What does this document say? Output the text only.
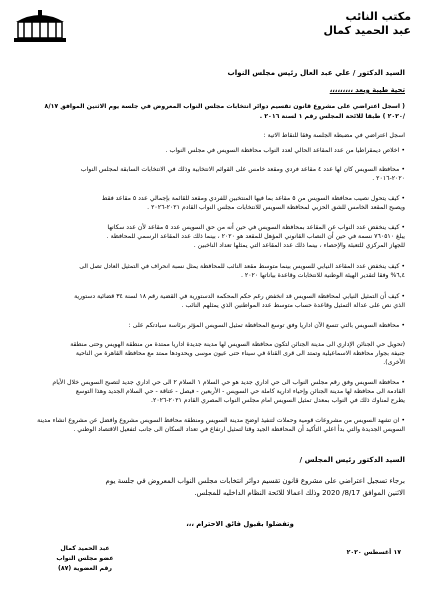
مكتب النائب
عبد الحميد كمال
السيد الدكتور / علي عبد العال رئيس مجلس النواب
تحية طيبة وبعد ،،،،،،،،،
( اسجل اعتراضي على مشروع قانون تقسيم دوائر انتخابات مجلس النواب المعروض في جلسة يوم الاثنين الموافق ٨/١٧
/٢٠٢٠ ) طبقا للائحة المجلس رقم ١ لسنة ٢٠١٦ .
اسجل اعتراضي في مضبطة الجلسة وفقا للنقاط الاتية :
• اخلاص ديمقراطيا من عدد المقاعد الحالي لعدد النواب محافظة السويس في مجلس النواب .
• محافظة السويس كان لها عدد ٤ مقاعد فردي ومقعد خامس على القوائم الانتخابية وذلك في الانتخابات السابقة لمجلس النواب
٢٠٢٠-٢٠١٦ .
• كيف يتحول نصيب محافظة السويس من ٥ مقاعد بما فيها المنتخبين للفردي ومقعد للقائمة بإجمالي عدد ٥ مقاعد فقط
ويصبح المقعد الخامس للشق الحزبي لمحافظة السويس للانتخابات مجلس النواب القادم ٢٠٢١-٢٠٢٦ .
• كيف ينخفض عدد النواب عن المقاعد بمحافظة السويس في حين أنه من حق السويس عدد ٥ مقاعد لأن عدد سكانها
يبلغ ٧٦٠٥١٠ نسمة في حين أن النصاب القانوني المؤهل للمقعد هو ٢٠٢٠ ، بينما ذلك عدد المقاعد الرسمي للمحافظة .
للجهاز المركزي للتعبئة والإحصاء ، بينما ذلك عدد المقاعد التي يمثلها تعداد الناخبين .
• كيف ينخفض عدد المقاعد النيابي للسويس بينما متوسط مقعد النائب للمحافظة يمثل نسبة انحراف في التمثيل العادل تصل الى
٦,٤% وفقا لتقدير الهيئة الوطنية للانتخابات وقاعدة بياناتها ٢٠٢٠ .
• كيف أن التمثيل النيابي لمحافظة السويس قد انخفض رغم حكم المحكمة الدستورية في القضية رقم ١٨ لسنة ٣٤ قضائية دستورية
الذي نص على عدالة التمثيل وقاعدة حساب متوسط عدد المواطنين الذي يمثلهم النائب .
• محافظة السويس بالتي تتسع الآن اداريا وفق توسع المحافظة تمثيل السويس المؤثر برئاسة سيادتكم على :
(تحويل حي الجنائن الإداري الى مدينة الجنائن لتكون محافظة السويس لها مدينة جديدة اداريا ممتدة من منطقة الهويس وحتى منطقة
جنيفة بجوار محافظة الاسماعيلية وتمتد الى قرى القناة في سيناء حتى عيون موسى ويحدودها ممتد مع محافظة القاهرة من الناحية
الأخرى).
• محافظة السويس وفق رقم مجلس النواب الى حي اداري جديد هو حي السلام ١ السلام ٢ الى حي اداري جديد لتصبح السويس خلال الأيام
القادمة الى محافظة لها مدينة الجنائن وإحياء ادارية كاملة حي السويس - الأربعين - فيصل - عتاقة - حي السلام الجديد وهذا التوسع
يطرح لمناوك ذلك في النواب بمعدل تمثيل السويس امام مجلس النواب المصري القادم ٢٠٢١-٢٠٢٦.
• ان تشهد السويس من مشروعات قومية وحملات لتنفيذ اوضح مدينة السويس ومنطقة محافظ السويس مشروع وافضل عن مشروع انشاء مدينة
السويس الجديدة والتي بدأ اعلي التأكيد أن المحافظة الجيد وقتا لتمثيل ارتفاع في تعداد السكان الى جانب لتفعيل الاقتصاد الوطني .
السيد الدكتور رئيس المجلس /
برجاء تسجيل اعتراضي على مشروع قانون تقسيم دوائر انتخابات مجلس النواب المعروض في جلسة يوم
الاثنين الموافق 8/17/ 2020 وذلك اعمالا للائحة النظام الداخليه للمجلس.
وتفضلوا بقبول فائق الاحترام ،،،
١٧ أغسطس ٢٠٢٠
عبد الحميد كمال
عضو مجلس النواب
رقم العضوية (٨٧)
